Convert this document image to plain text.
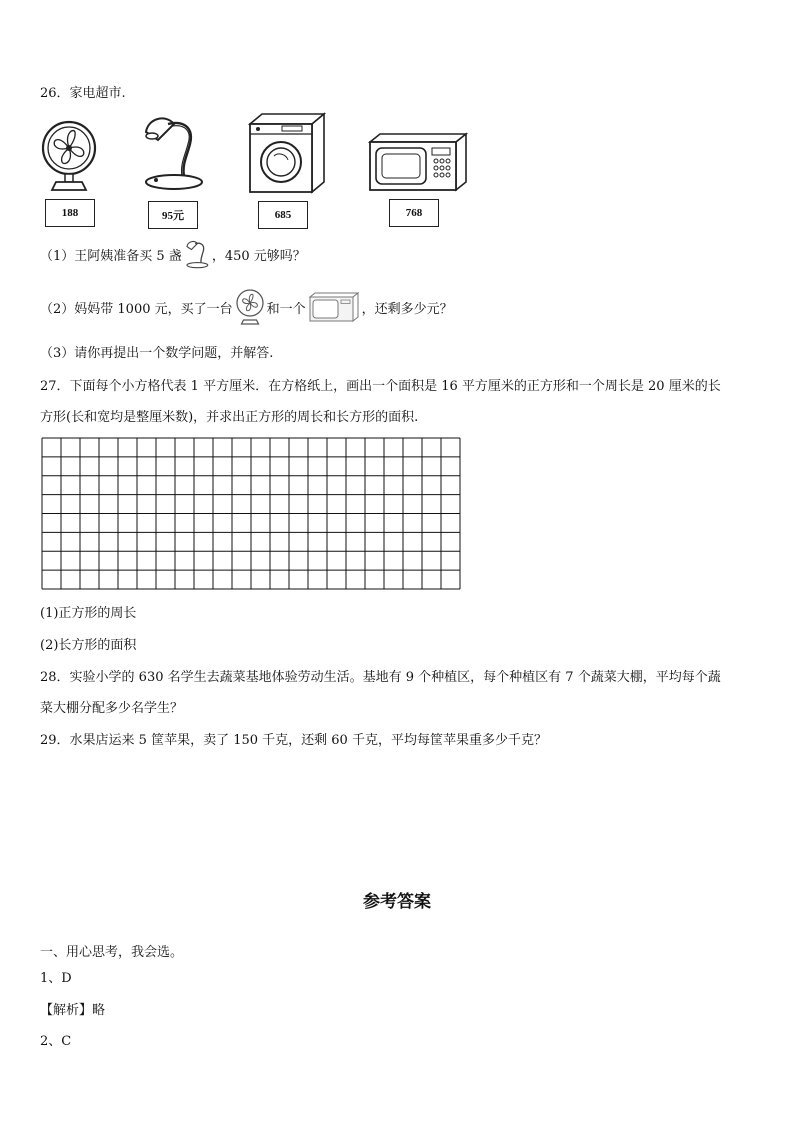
26．家电超市.
188	95元	685	768
（1）王阿姨准备买 5 盏 ，450 元够吗？
（2）妈妈带 1000 元，买了一台	和一个	，还剩多少元？
（3）请你再提出一个数学问题，并解答.
27．下面每个小方格代表 1 平方厘米．在方格纸上，画出一个面积是 16 平方厘米的正方形和一个周长是 20 厘米的长
方形(长和宽均是整厘米数)，并求出正方形的周长和长方形的面积.
(1)正方形的周长
(2)长方形的面积
28．实验小学的 630 名学生去蔬菜基地体验劳动生活。基地有 9 个种植区，每个种植区有 7 个蔬菜大棚，平均每个蔬
菜大棚分配多少名学生？
29．水果店运来 5 筐苹果，卖了 150 千克，还剩 60 千克，平均每筐苹果重多少千克？
参考答案
一、用心思考，我会选。
1、D
【解析】略
2、C
